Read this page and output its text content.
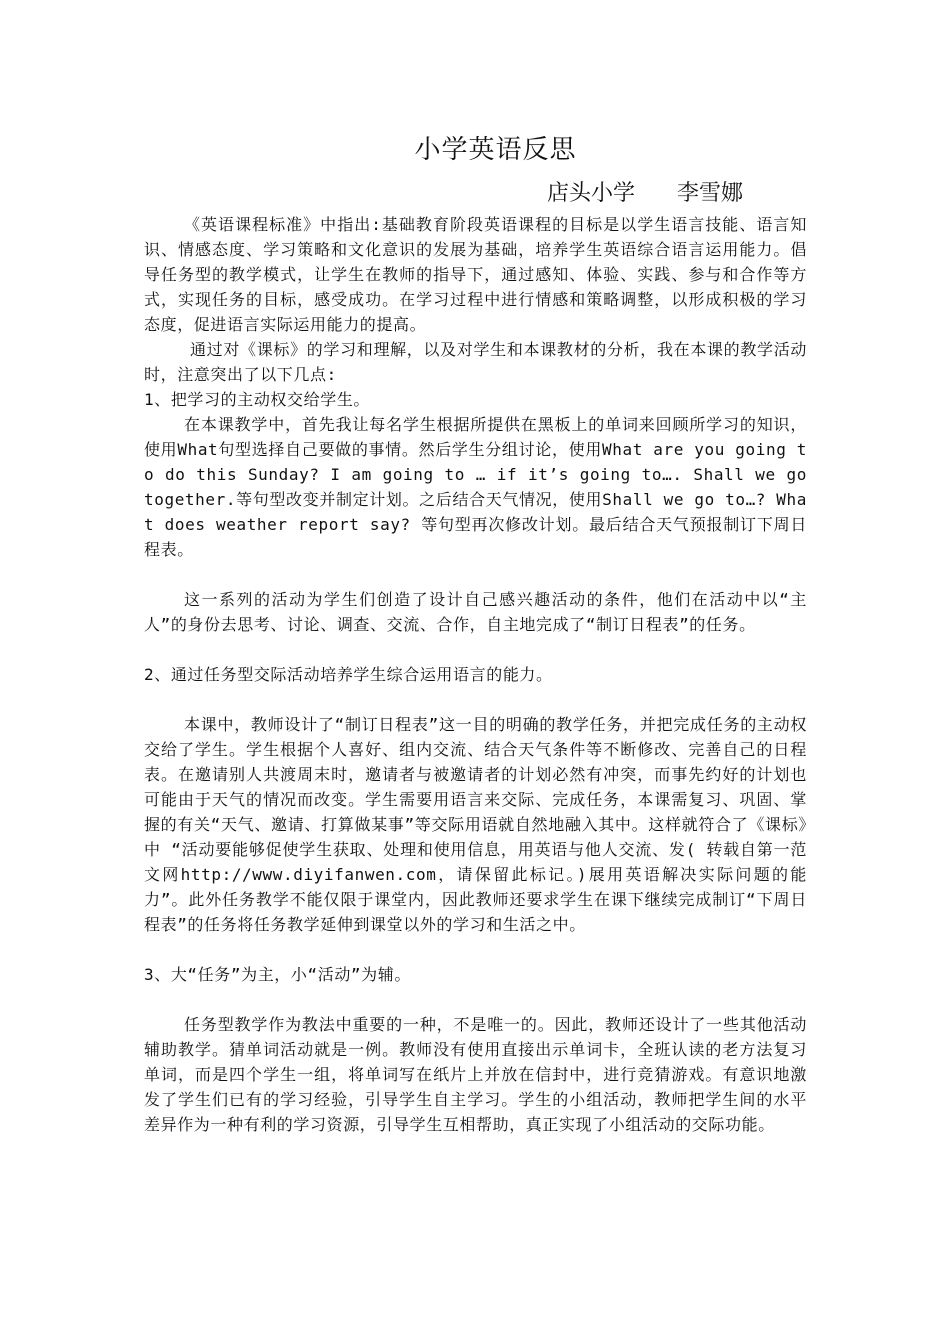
小学英语反思
店头小学 李雪娜

《英语课程标准》中指出:基础教育阶段英语课程的目标是以学生语言技能、语言知识、情感态度、学习策略和文化意识的发展为基础，培养学生英语综合语言运用能力。倡导任务型的教学模式，让学生在教师的指导下，通过感知、体验、实践、参与和合作等方式，实现任务的目标，感受成功。在学习过程中进行情感和策略调整，以形成积极的学习态度，促进语言实际运用能力的提高。

通过对《课标》的学习和理解，以及对学生和本课教材的分析，我在本课的教学活动时，注意突出了以下几点:

1、把学习的主动权交给学生。

在本课教学中，首先我让每名学生根据所提供在黑板上的单词来回顾所学习的知识，使用What句型选择自己要做的事情。然后学生分组讨论，使用What are you going to do this Sunday? I am going to … if it’s going to…. Shall we go together.等句型改变并制定计划。之后结合天气情况，使用Shall we go to…? What does weather report say? 等句型再次修改计划。最后结合天气预报制订下周日程表。

这一系列的活动为学生们创造了设计自己感兴趣活动的条件，他们在活动中以“主人”的身份去思考、讨论、调查、交流、合作，自主地完成了“制订日程表”的任务。

2、通过任务型交际活动培养学生综合运用语言的能力。

本课中，教师设计了“制订日程表”这一目的明确的教学任务，并把完成任务的主动权交给了学生。学生根据个人喜好、组内交流、结合天气条件等不断修改、完善自己的日程表。在邀请别人共渡周末时，邀请者与被邀请者的计划必然有冲突，而事先约好的计划也可能由于天气的情况而改变。学生需要用语言来交际、完成任务，本课需复习、巩固、掌握的有关“天气、邀请、打算做某事”等交际用语就自然地融入其中。这样就符合了《课标》中 “活动要能够促使学生获取、处理和使用信息，用英语与他人交流、发( 转载自第一范文网http://www.diyifanwen.com，请保留此标记。)展用英语解决实际问题的能力”。此外任务教学不能仅限于课堂内，因此教师还要求学生在课下继续完成制订“下周日程表”的任务将任务教学延伸到课堂以外的学习和生活之中。

3、大“任务”为主，小“活动”为辅。

任务型教学作为教法中重要的一种，不是唯一的。因此，教师还设计了一些其他活动辅助教学。猜单词活动就是一例。教师没有使用直接出示单词卡，全班认读的老方法复习单词，而是四个学生一组，将单词写在纸片上并放在信封中，进行竞猜游戏。有意识地激发了学生们已有的学习经验，引导学生自主学习。学生的小组活动，教师把学生间的水平差异作为一种有利的学习资源，引导学生互相帮助，真正实现了小组活动的交际功能。
